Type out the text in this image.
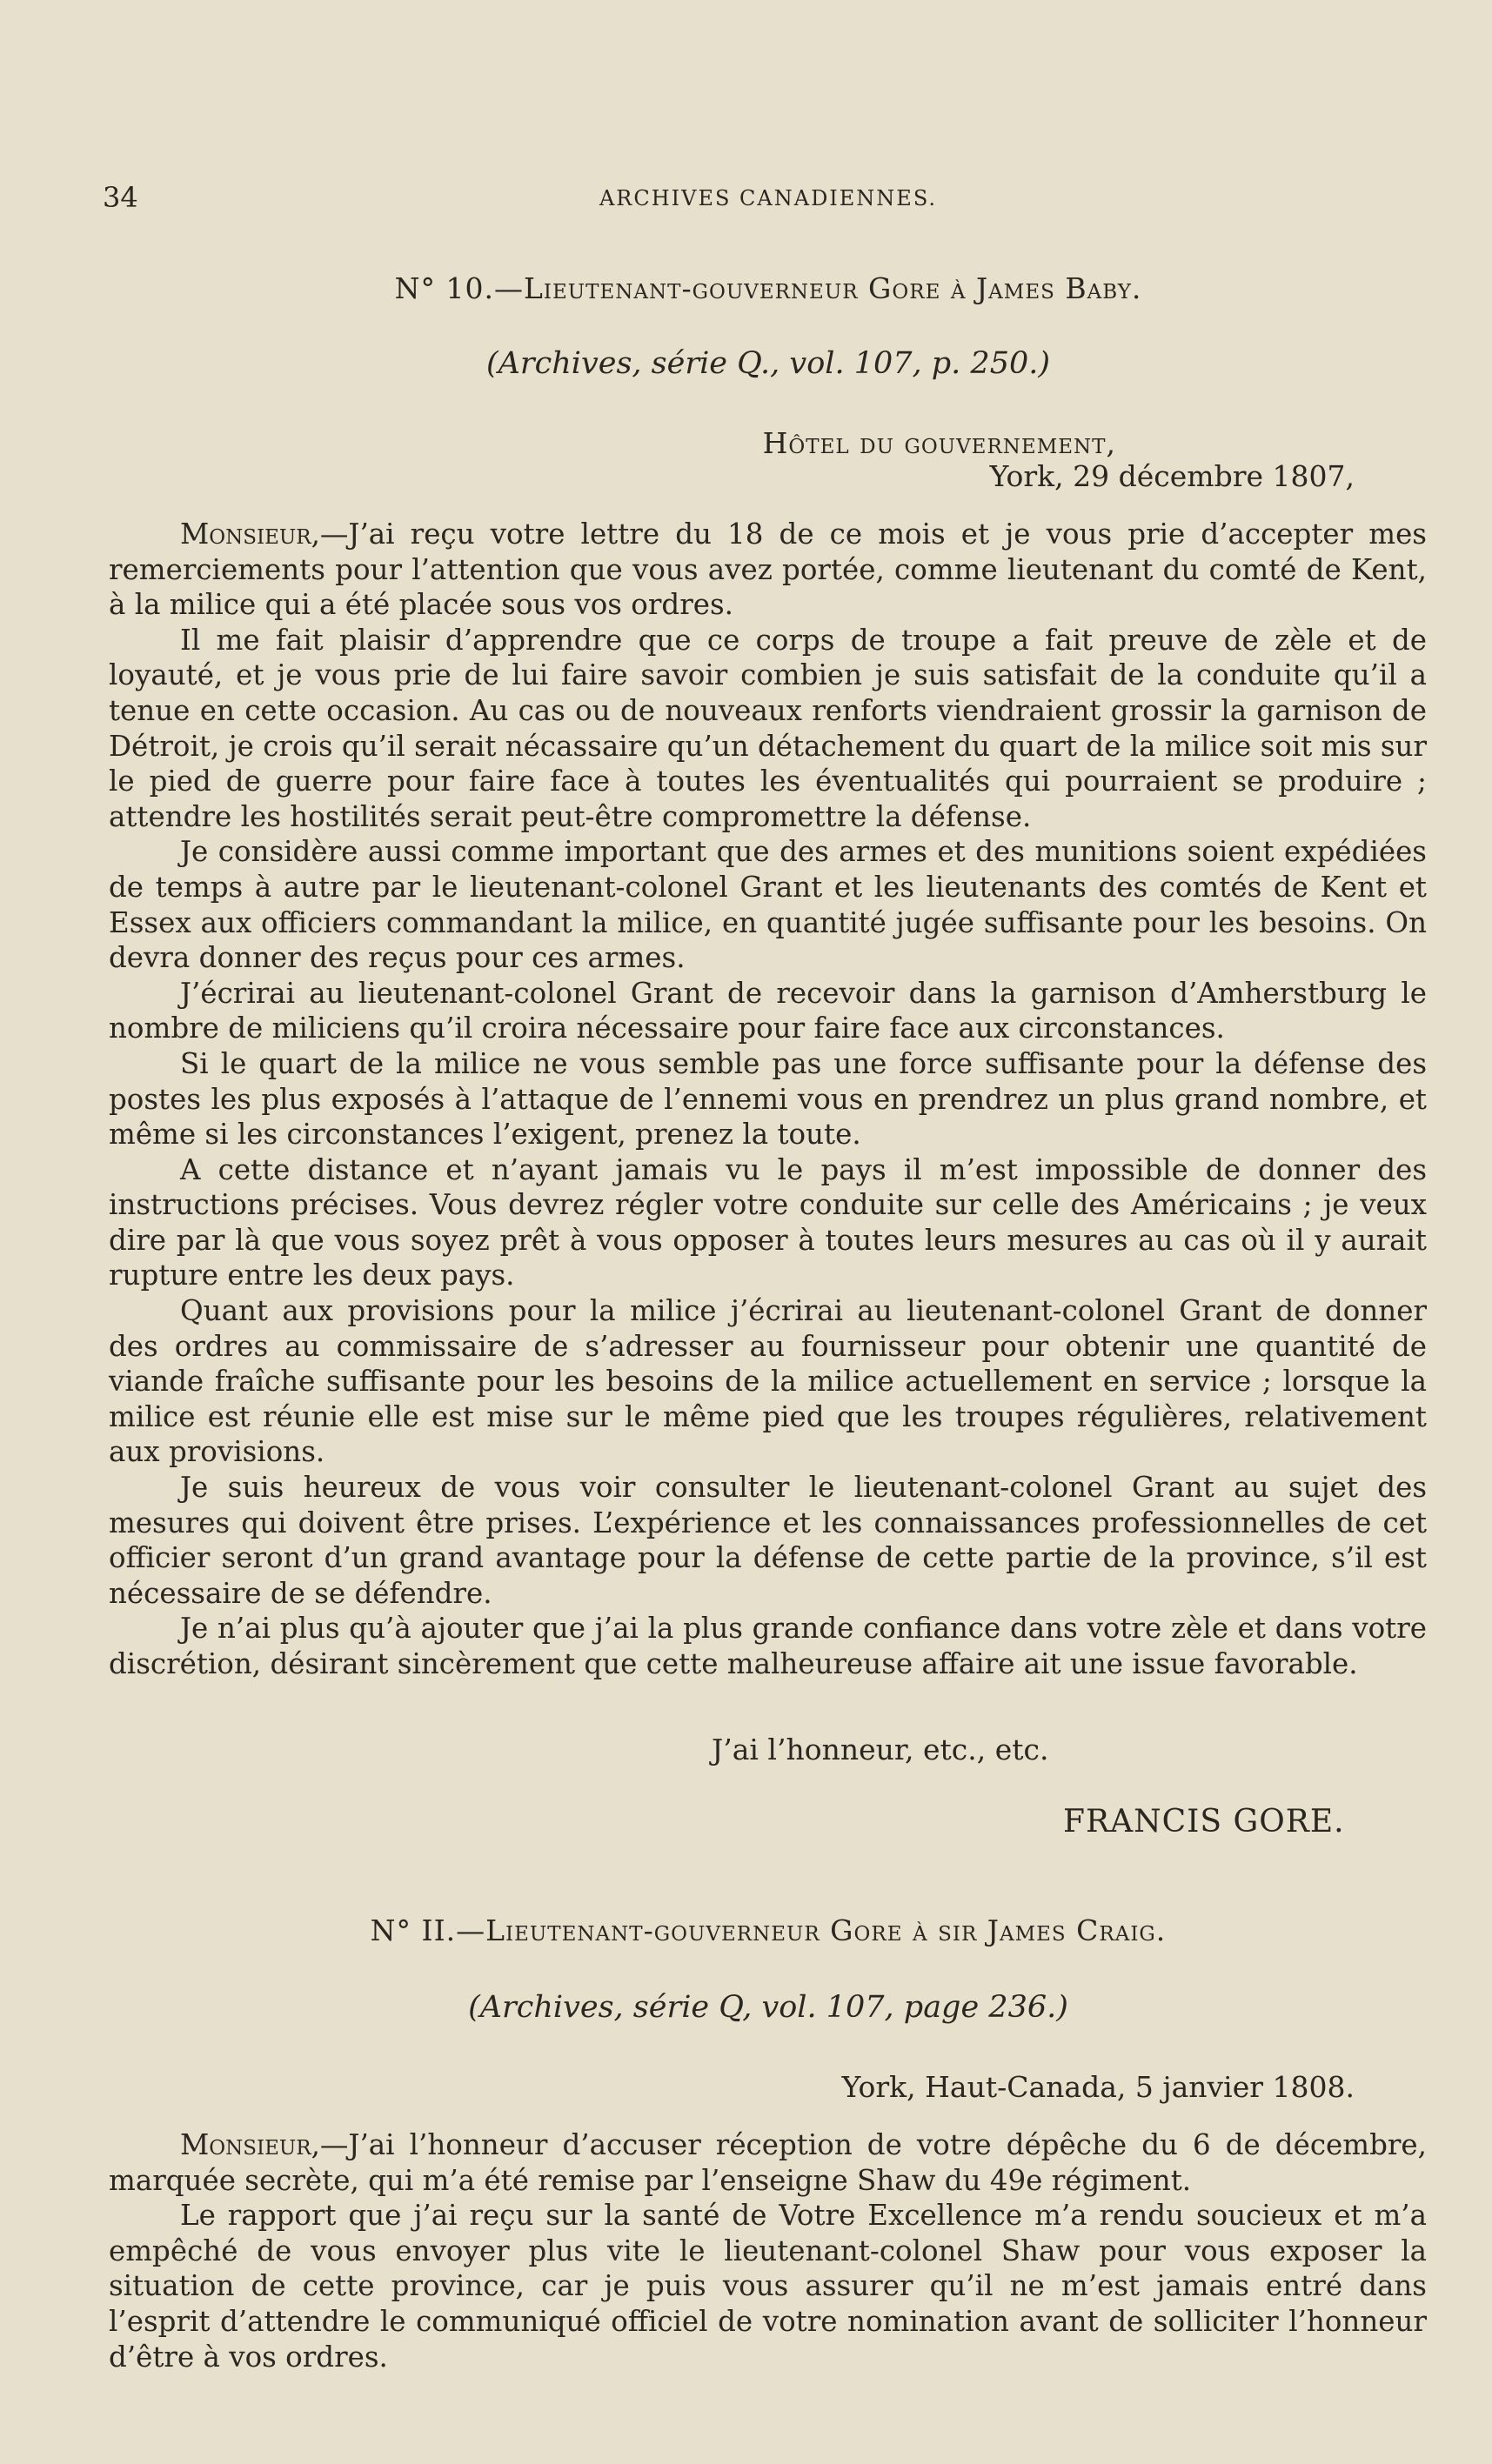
34	ARCHIVES CANADIENNES.
N° 10.—Lieutenant-gouverneur Gore à James Baby.
(Archives, série Q., vol. 107, p. 250.)
Hôtel du gouvernement,
York, 29 décembre 1807,

Monsieur,—J’ai reçu votre lettre du 18 de ce mois et je vous prie d’accepter mes remerciements pour l’attention que vous avez portée, comme lieutenant du comté de Kent, à la milice qui a été placée sous vos ordres.

Il me fait plaisir d’apprendre que ce corps de troupe a fait preuve de zèle et de loyauté, et je vous prie de lui faire savoir combien je suis satisfait de la conduite qu’il a tenue en cette occasion. Au cas ou de nouveaux renforts viendraient grossir la garnison de Détroit, je crois qu’il serait nécassaire qu’un détachement du quart de la milice soit mis sur le pied de guerre pour faire face à toutes les éventualités qui pourraient se produire ; attendre les hostilités serait peut-être compromettre la défense.

Je considère aussi comme important que des armes et des munitions soient expédiées de temps à autre par le lieutenant-colonel Grant et les lieutenants des comtés de Kent et Essex aux officiers commandant la milice, en quantité jugée suffisante pour les besoins. On devra donner des reçus pour ces armes.

J’écrirai au lieutenant-colonel Grant de recevoir dans la garnison d’Amherstburg le nombre de miliciens qu’il croira nécessaire pour faire face aux circonstances.

Si le quart de la milice ne vous semble pas une force suffisante pour la défense des postes les plus exposés à l’attaque de l’ennemi vous en prendrez un plus grand nombre, et même si les circonstances l’exigent, prenez la toute.

A cette distance et n’ayant jamais vu le pays il m’est impossible de donner des instructions précises. Vous devrez régler votre conduite sur celle des Américains ; je veux dire par là que vous soyez prêt à vous opposer à toutes leurs mesures au cas où il y aurait rupture entre les deux pays.

Quant aux provisions pour la milice j’écrirai au lieutenant-colonel Grant de donner des ordres au commissaire de s’adresser au fournisseur pour obtenir une quantité de viande fraîche suffisante pour les besoins de la milice actuellement en service ; lorsque la milice est réunie elle est mise sur le même pied que les troupes régulières, relativement aux provisions.

Je suis heureux de vous voir consulter le lieutenant-colonel Grant au sujet des mesures qui doivent être prises. L’expérience et les connaissances professionnelles de cet officier seront d’un grand avantage pour la défense de cette partie de la province, s’il est nécessaire de se défendre.

Je n’ai plus qu’à ajouter que j’ai la plus grande confiance dans votre zèle et dans votre discrétion, désirant sincèrement que cette malheureuse affaire ait une issue favorable.

J’ai l’honneur, etc., etc.
FRANCIS GORE.
N° II.—Lieutenant-gouverneur Gore à sir James Craig.
(Archives, série Q, vol. 107, page 236.)
York, Haut-Canada, 5 janvier 1808.

Monsieur,—J’ai l’honneur d’accuser réception de votre dépêche du 6 de décembre, marquée secrète, qui m’a été remise par l’enseigne Shaw du 49e régiment.

Le rapport que j’ai reçu sur la santé de Votre Excellence m’a rendu soucieux et m’a empêché de vous envoyer plus vite le lieutenant-colonel Shaw pour vous exposer la situation de cette province, car je puis vous assurer qu’il ne m’est jamais entré dans l’esprit d’attendre le communiqué officiel de votre nomination avant de solliciter l’honneur d’être à vos ordres.
